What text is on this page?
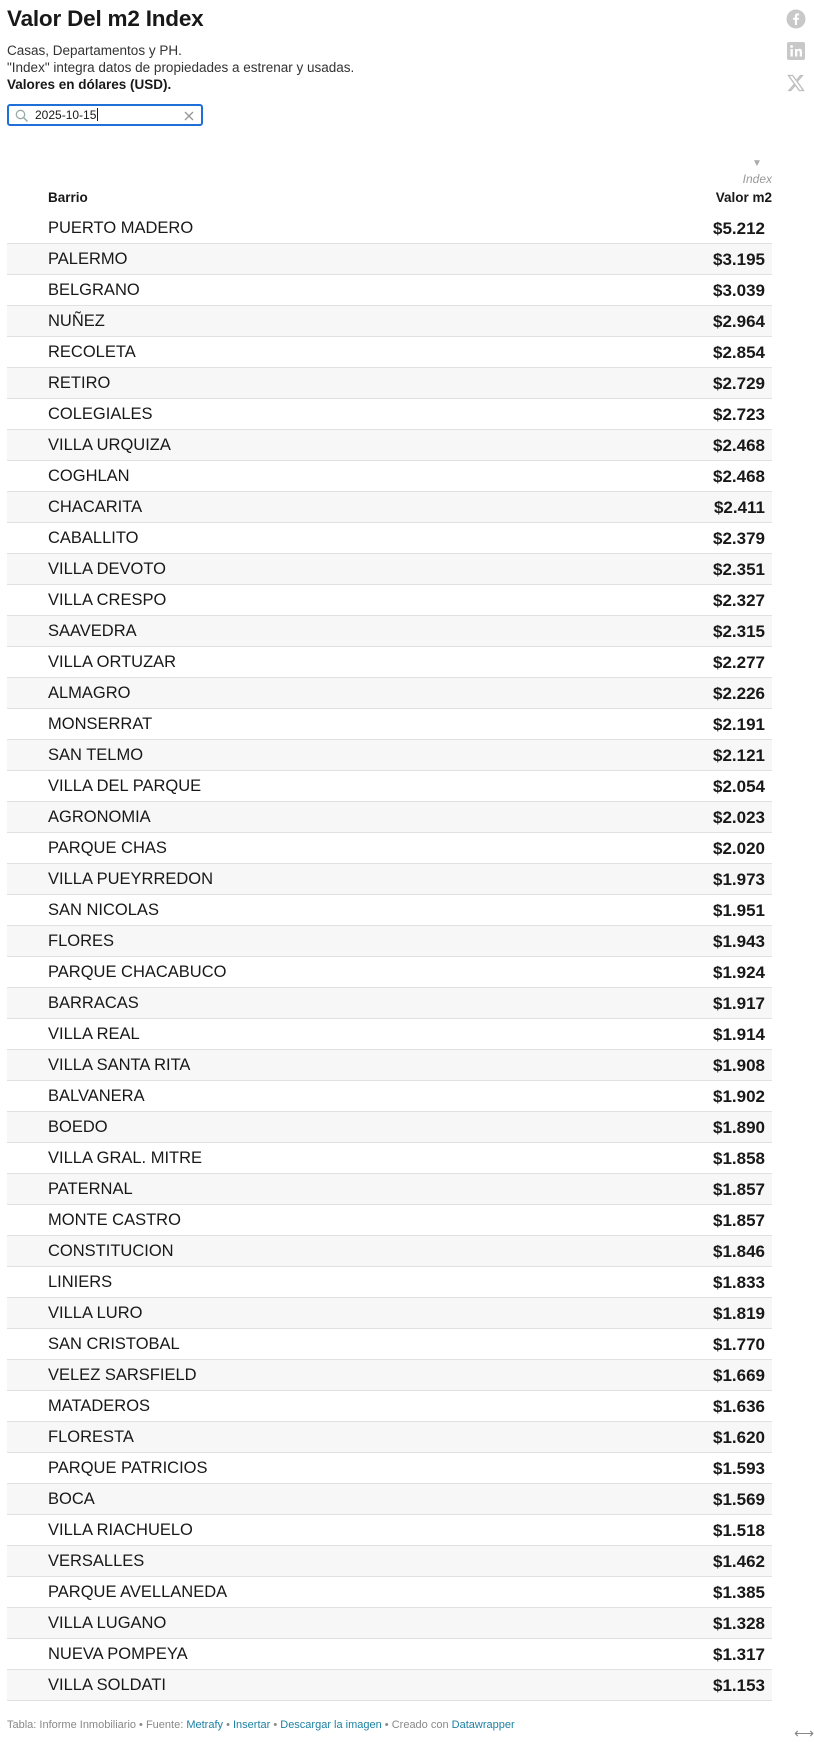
Valor Del m2 Index
Casas, Departamentos y PH.
"Index" integra datos de propiedades a estrenar y usadas.
Valores en dólares (USD).
2025-10-15
▼
Index
Barrio	Valor m2
PUERTO MADERO	$5.212
PALERMO	$3.195
BELGRANO	$3.039
NUÑEZ	$2.964
RECOLETA	$2.854
RETIRO	$2.729
COLEGIALES	$2.723
VILLA URQUIZA	$2.468
COGHLAN	$2.468
CHACARITA	$2.411
CABALLITO	$2.379
VILLA DEVOTO	$2.351
VILLA CRESPO	$2.327
SAAVEDRA	$2.315
VILLA ORTUZAR	$2.277
ALMAGRO	$2.226
MONSERRAT	$2.191
SAN TELMO	$2.121
VILLA DEL PARQUE	$2.054
AGRONOMIA	$2.023
PARQUE CHAS	$2.020
VILLA PUEYRREDON	$1.973
SAN NICOLAS	$1.951
FLORES	$1.943
PARQUE CHACABUCO	$1.924
BARRACAS	$1.917
VILLA REAL	$1.914
VILLA SANTA RITA	$1.908
BALVANERA	$1.902
BOEDO	$1.890
VILLA GRAL. MITRE	$1.858
PATERNAL	$1.857
MONTE CASTRO	$1.857
CONSTITUCION	$1.846
LINIERS	$1.833
VILLA LURO	$1.819
SAN CRISTOBAL	$1.770
VELEZ SARSFIELD	$1.669
MATADEROS	$1.636
FLORESTA	$1.620
PARQUE PATRICIOS	$1.593
BOCA	$1.569
VILLA RIACHUELO	$1.518
VERSALLES	$1.462
PARQUE AVELLANEDA	$1.385
VILLA LUGANO	$1.328
NUEVA POMPEYA	$1.317
VILLA SOLDATI	$1.153
Tabla: Informe Inmobiliario • Fuente: Metrafy • Insertar • Descargar la imagen • Creado con Datawrapper	⟷
